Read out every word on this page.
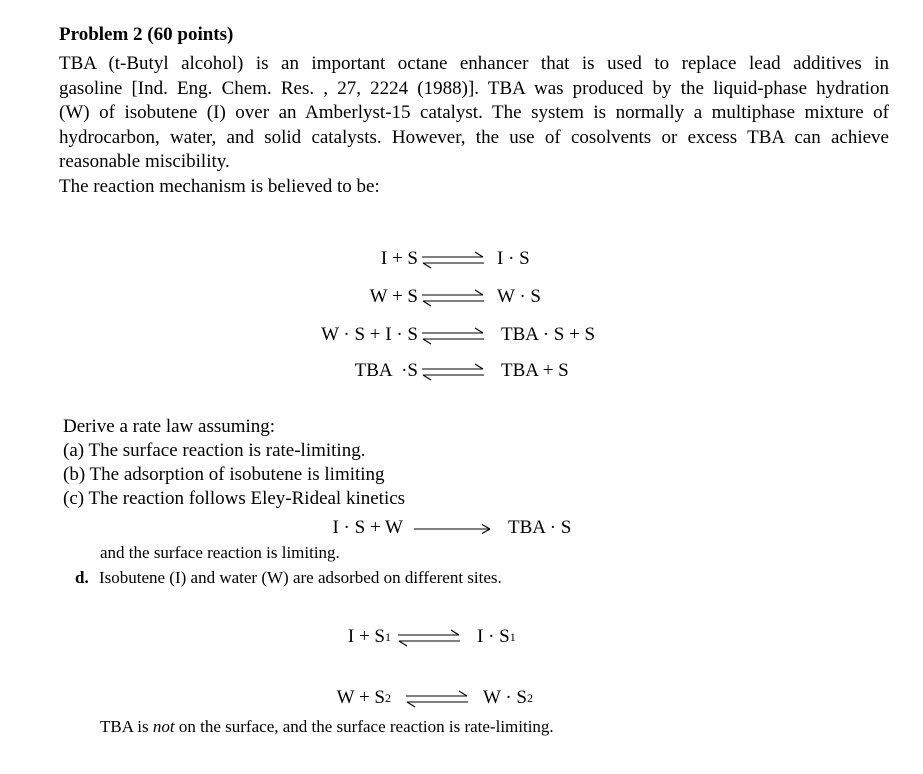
Problem 2 (60 points)
TBA (t-Butyl alcohol) is an important octane enhancer that is used to replace lead additives in
gasoline [Ind. Eng. Chem. Res. , 27, 2224 (1988)]. TBA was produced by the liquid-phase hydration
(W) of isobutene (I) over an Amberlyst-15 catalyst. The system is normally a multiphase mixture of
hydrocarbon, water, and solid catalysts. However, the use of cosolvents or excess TBA can achieve
reasonable miscibility.
The reaction mechanism is believed to be:
I + S	I · S
W + S	W · S
W · S + I · S	TBA · S + S
TBA  ·S	TBA + S
Derive a rate law assuming:
(a) The surface reaction is rate-limiting.
(b) The adsorption of isobutene is limiting
(c) The reaction follows Eley-Rideal kinetics
I · S + W	TBA · S
and the surface reaction is limiting.
d. Isobutene (I) and water (W) are adsorbed on different sites.
I + S 1	I · S 1
W + S 2	W · S 2
TBA is not on the surface, and the surface reaction is rate-limiting.
